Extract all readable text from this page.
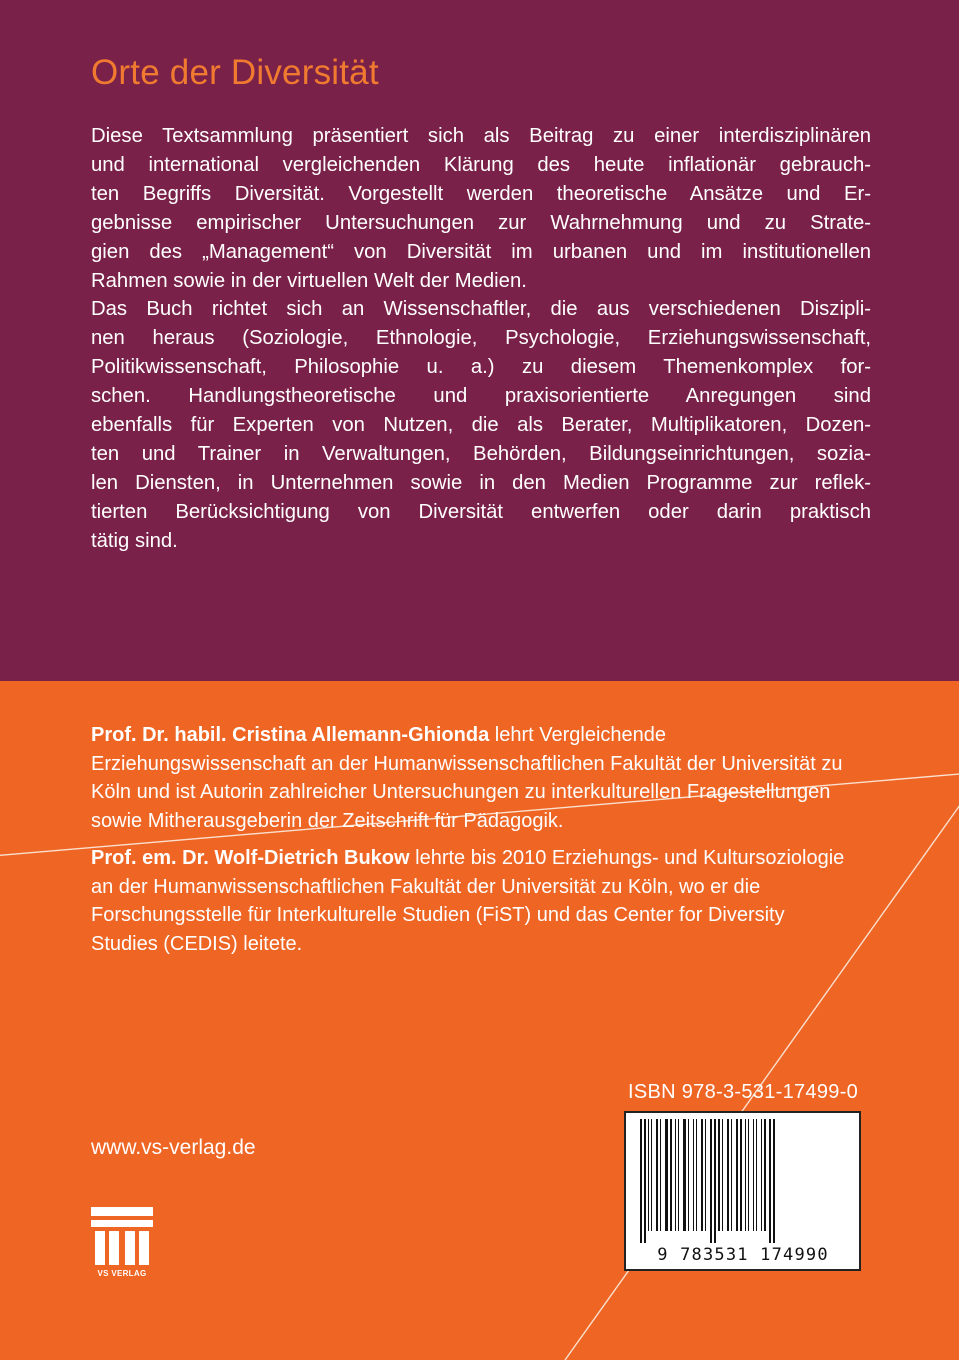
Orte der Diversität
Diese Textsammlung präsentiert sich als Beitrag zu einer interdisziplinären
und international vergleichenden Klärung des heute inflationär gebrauch-
ten Begriffs Diversität. Vorgestellt werden theoretische Ansätze und Er-
gebnisse empirischer Untersuchungen zur Wahrnehmung und zu Strate-
gien des „Management“ von Diversität im urbanen und im institutionellen
Rahmen sowie in der virtuellen Welt der Medien.
Das Buch richtet sich an Wissenschaftler, die aus verschiedenen Diszipli-
nen heraus (Soziologie, Ethnologie, Psychologie, Erziehungswissenschaft,
Politikwissenschaft, Philosophie u. a.) zu diesem Themenkomplex for-
schen. Handlungstheoretische und praxisorientierte Anregungen sind
ebenfalls für Experten von Nutzen, die als Berater, Multiplikatoren, Dozen-
ten und Trainer in Verwaltungen, Behörden, Bildungseinrichtungen, sozia-
len Diensten, in Unternehmen sowie in den Medien Programme zur reflek-
tierten Berücksichtigung von Diversität entwerfen oder darin praktisch
tätig sind.
Prof. Dr. habil. Cristina Allemann-Ghionda lehrt Vergleichende Erziehungswissenschaft an der Humanwissenschaftlichen Fakultät der Universität zu Köln und ist Autorin zahlreicher Untersuchungen zu interkulturellen Fragestellungen sowie Mitherausgeberin der Zeitschrift für Pädagogik.
Prof. em. Dr. Wolf-Dietrich Bukow lehrte bis 2010 Erziehungs- und Kultursoziologie an der Humanwissenschaftlichen Fakultät der Universität zu Köln, wo er die Forschungsstelle für Interkulturelle Studien (FiST) und das Center for Diversity Studies (CEDIS) leitete.
www.vs-verlag.de
VS VERLAG
ISBN 978-3-531-17499-0
9 783531 174990
